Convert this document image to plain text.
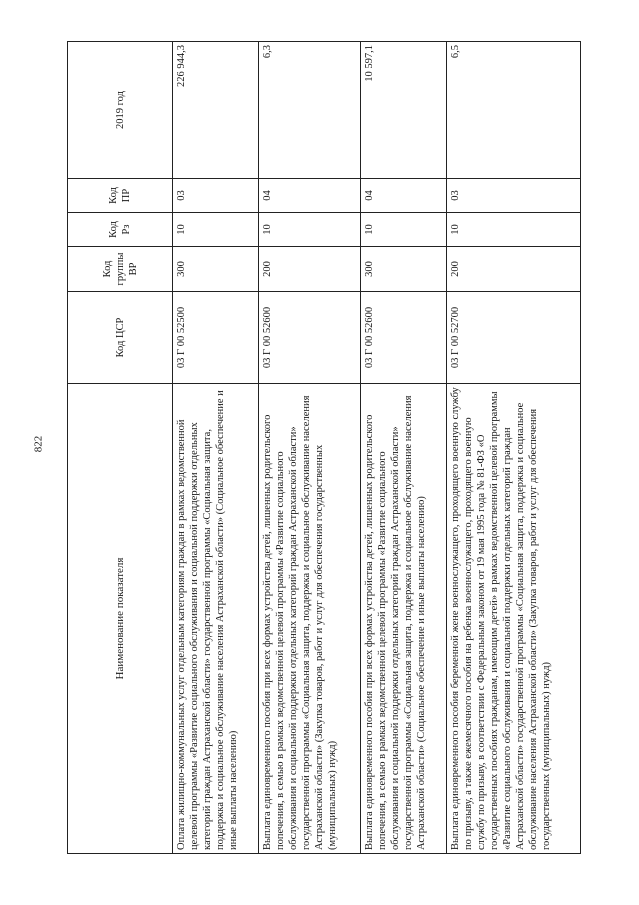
822
Наименование показателя	Код ЦСР	Код группы ВР	Код Рз	Код ПР	2019 год
Оплата жилищно-коммунальных услуг отдельным категориям граждан в рамках ведомственной целевой программы «Развитие социального обслуживания и социальной поддержки отдельных категорий граждан Астраханской области» государственной программы «Социальная защита, поддержка и социальное обслуживание населения Астраханской области» (Социальное обеспечение и иные выплаты населению)	03 Г 00 52500	300	10	03	226 944,3
Выплата единовременного пособия при всех формах устройства детей, лишенных родительского попечения, в семью в рамках ведомственной целевой программы «Развитие социального обслуживания и социальной поддержки отдельных категорий граждан Астраханской области» государственной программы «Социальная защита, поддержка и социальное обслуживание населения Астраханской области» (Закупка товаров, работ и услуг для обеспечения государственных (муниципальных) нужд)	03 Г 00 52600	200	10	04	6,3
Выплата единовременного пособия при всех формах устройства детей, лишенных родительского попечения, в семью в рамках ведомственной целевой программы «Развитие социального обслуживания и социальной поддержки отдельных категорий граждан Астраханской области» государственной программы «Социальная защита, поддержка и социальное обслуживание населения Астраханской области» (Социальное обеспечение и иные выплаты населению)	03 Г 00 52600	300	10	04	10 597,1
Выплата единовременного пособия беременной жене военнослужащего, проходящего военную службу по призыву, а также ежемесячного пособия на ребенка военнослужащего, проходящего военную службу по призыву, в соответствии с Федеральным законом от 19 мая 1995 года № 81-ФЗ «О государственных пособиях гражданам, имеющим детей» в рамках ведомственной целевой программы «Развитие социального обслуживания и социальной поддержки отдельных категорий граждан Астраханской области» государственной программы «Социальная защита, поддержка и социальное обслуживание населения Астраханской области» (Закупка товаров, работ и услуг для обеспечения государственных (муниципальных) нужд)	03 Г 00 52700	200	10	03	6,5
